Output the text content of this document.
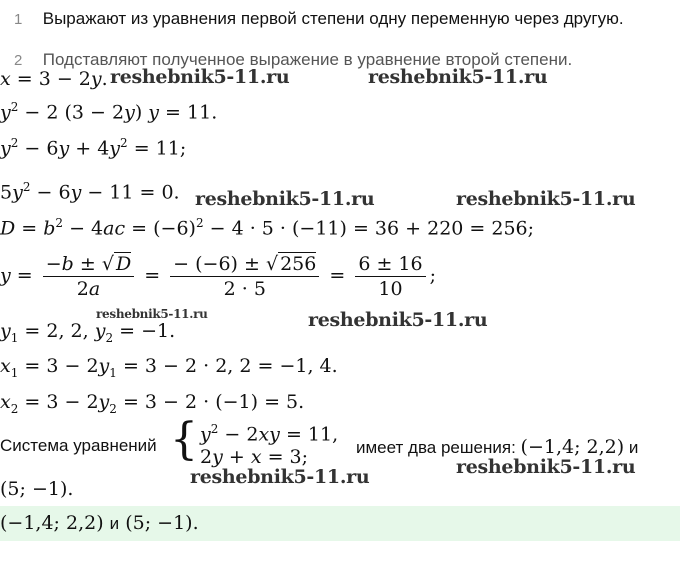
1 Выражают из уравнения первой степени одну переменную через другую.
2 Подставляют полученное выражение в уравнение второй степени.
x = 3 − 2y. reshebnik5-11.ru	reshebnik5-11.ru
$y^2 - 2$ (3 − 2y) y = 11.
$y^2 - 6y + 4y^2 = 11$;
$5y^2 - 6y - 11 = 0$. reshebnik5-11.ru	reshebnik5-11.ru
$D = b^2 - 4ac = (-6)^2 - 4 \cdot 5 \cdot (-11) = 36 + 220 = 256$;
$y = \frac{-b \pm √ D}{2a} = \frac{- (-6) \pm √ 256}{2 \cdot 5} = \frac{6 \pm 16}{10}$ ;
reshebnik5-11.ru	reshebnik5-11.ru
$y_1 = 2$, 2, $y_2 = -1$.
$x_1 = 3 - 2y_1 = 3 - 2 \cdot 2$, 2 = −1, 4.
$x_2 = 3 - 2y_2 = 3 - 2 \cdot (-1) = 5$.
Система уравнений { $y^2 - 2xy = 11$,
2y + x = 3;	имеет два решения: (−1,4; 2,2) и
reshebnik5-11.ru
reshebnik5-11.ru
(5; −1).
(−1,4; 2,2) и (5; −1).
